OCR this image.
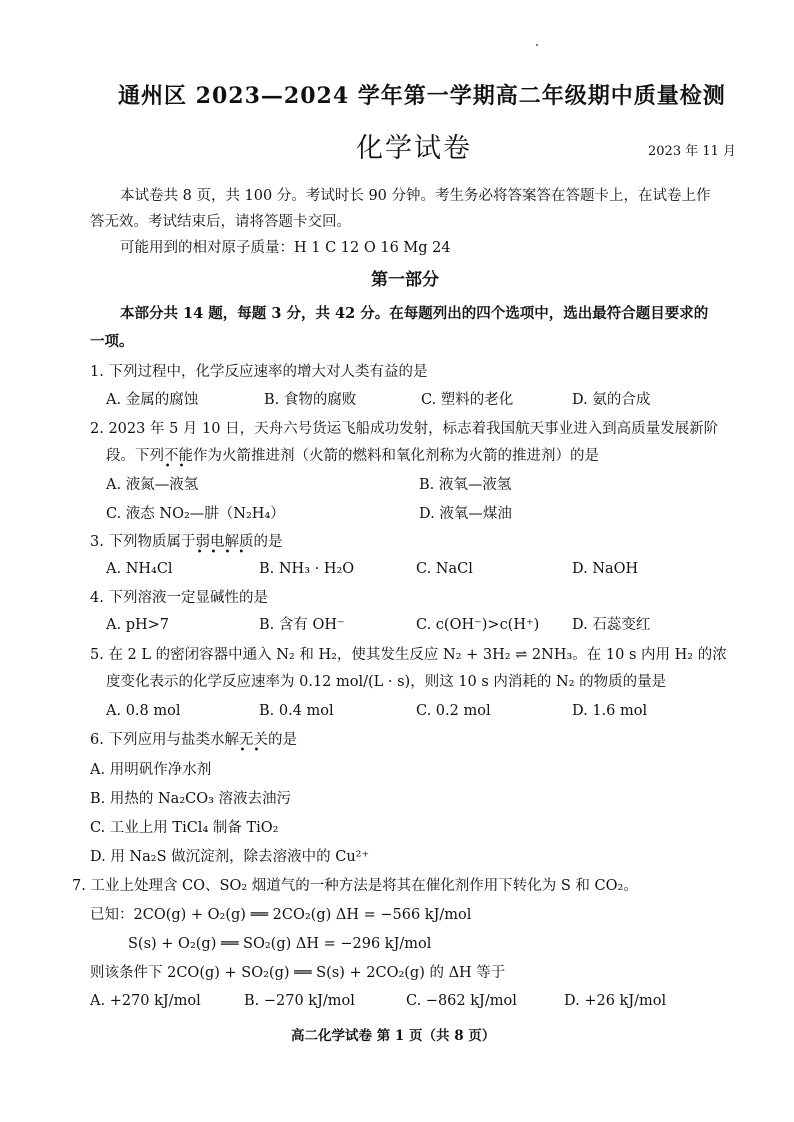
通州区 2023—2024 学年第一学期高二年级期中质量检测
化学试卷	2023 年 11 月
本试卷共 8 页，共 100 分。考试时长 90 分钟。考生务必将答案答在答题卡上，在试卷上作
答无效。考试结束后，请将答题卡交回。
可能用到的相对原子质量：H 1 C 12 O 16 Mg 24
第一部分
本部分共 14 题，每题 3 分，共 42 分。在每题列出的四个选项中，选出最符合题目要求的
一项。
1. 下列过程中，化学反应速率的增大对人类有益的是
A. 金属的腐蚀	B. 食物的腐败	C. 塑料的老化	D. 氨的合成
2. 2023 年 5 月 10 日，天舟六号货运飞船成功发射，标志着我国航天事业进入到高质量发展新阶
段。下列不能
••
作为火箭推进剂（火箭的燃料和氧化剂称为火箭的推进剂）的是
A. 液氮—液氢	B. 液氧—液氢
C. 液态 NO₂—肼（N₂H₄）	D. 液氧—煤油
3. 下列物质属于弱电解质
••••
的是
A. NH₄Cl	B. NH₃ · H₂O	C. NaCl	D. NaOH
4. 下列溶液一定显碱性的是
A. pH>7	B. 含有 OH⁻	C. c(OH⁻)>c(H⁺) D. 石蕊变红
5. 在 2 L 的密闭容器中通入 N₂ 和 H₂，使其发生反应 N₂ + 3H₂ ⇌ 2NH₃。在 10 s 内用 H₂ 的浓
度变化表示的化学反应速率为 0.12 mol/(L · s)，则这 10 s 内消耗的 N₂ 的物质的量是
A. 0.8 mol	B. 0.4 mol	C. 0.2 mol	D. 1.6 mol
6. 下列应用与盐类水解无关
••
的是
A. 用明矾作净水剂
B. 用热的 Na₂CO₃ 溶液去油污
C. 工业上用 TiCl₄ 制备 TiO₂
D. 用 Na₂S 做沉淀剂，除去溶液中的 Cu²⁺
7. 工业上处理含 CO、SO₂ 烟道气的一种方法是将其在催化剂作用下转化为 S 和 CO₂。
已知：2CO(g) + O₂(g) ══ 2CO₂(g) ΔH = −566 kJ/mol
S(s) + O₂(g) ══ SO₂(g) ΔH = −296 kJ/mol
则该条件下 2CO(g) + SO₂(g) ══ S(s) + 2CO₂(g) 的 ΔH 等于
A. +270 kJ/mol	B. −270 kJ/mol	C. −862 kJ/mol	D. +26 kJ/mol
高二化学试卷 第 1 页（共 8 页）
